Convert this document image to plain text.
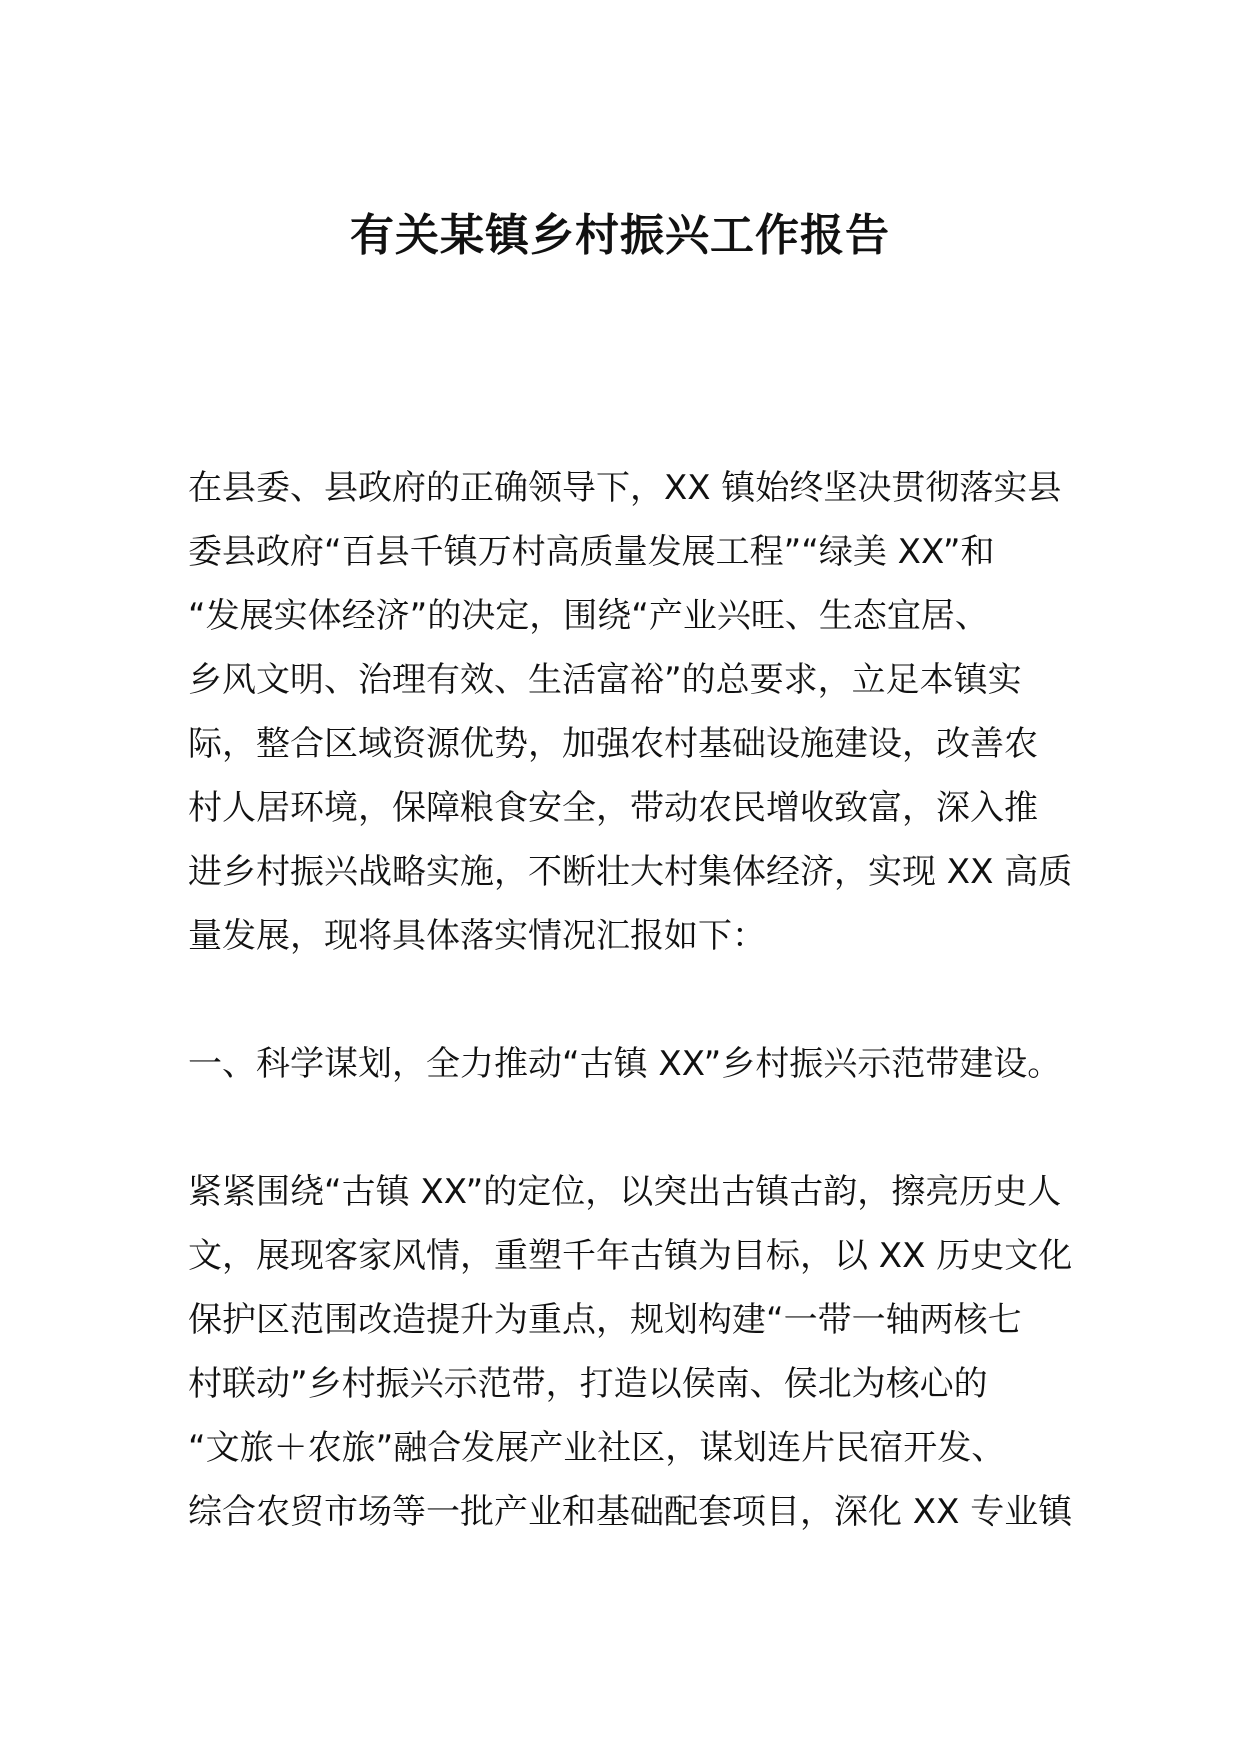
有关某镇乡村振兴工作报告
在县委、县政府的正确领导下，XX 镇始终坚决贯彻落实县
委县政府“百县千镇万村高质量发展工程”“绿美 XX”和
“发展实体经济”的决定，围绕“产业兴旺、生态宜居、
乡风文明、治理有效、生活富裕”的总要求，立足本镇实
际，整合区域资源优势，加强农村基础设施建设，改善农
村人居环境，保障粮食安全，带动农民增收致富，深入推
进乡村振兴战略实施，不断壮大村集体经济，实现 XX 高质
量发展，现将具体落实情况汇报如下：
一、科学谋划，全力推动“古镇 XX”乡村振兴示范带建设。
紧紧围绕“古镇 XX”的定位，以突出古镇古韵，擦亮历史人
文，展现客家风情，重塑千年古镇为目标，以 XX 历史文化
保护区范围改造提升为重点，规划构建“一带一轴两核七
村联动”乡村振兴示范带，打造以侯南、侯北为核心的
“文旅＋农旅”融合发展产业社区，谋划连片民宿开发、
综合农贸市场等一批产业和基础配套项目，深化 XX 专业镇
